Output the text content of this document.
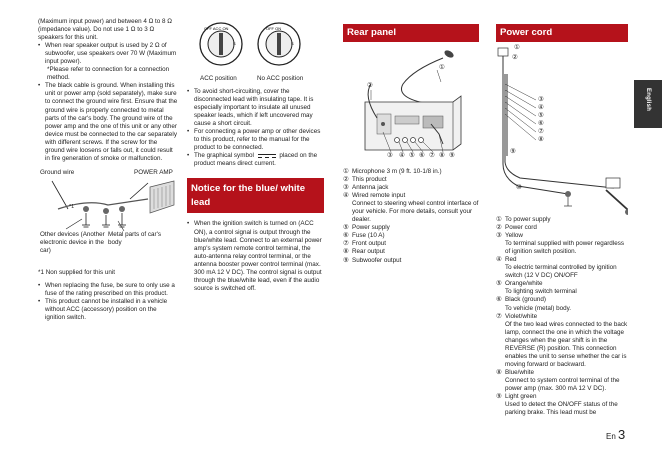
(Maximum input power) and between 4 Ω to 8 Ω (impedance value). Do not use 1 Ω to 3 Ω speakers for this unit.

• When rear speaker output is used by 2 Ω of subwoofer, use speakers over 70 W (Maximum input power).
*Please refer to connection for a connection method.
• The black cable is ground. When installing this unit or power amp (sold separately), make sure to connect the ground wire first. Ensure that the ground wire is properly connected to metal parts of the car's body. The ground wire of the power amp and the one of this unit or any other device must be connected to the car separately with different screws. If the screw for the ground wire loosens or falls out, it could result in fire generation of smoke or malfunction.
Ground wire	POWER AMP
*1
Other devices (Another electronic device in the car)
Metal parts of car's body

*1 Non supplied for this unit

• When replacing the fuse, be sure to only use a fuse of the rating prescribed on this product.
• This product cannot be installed in a vehicle without ACC (accessory) position on the ignition switch.
OFF ACC ON
S
OFF ON
S
ACC position	No ACC position
• To avoid short-circuiting, cover the disconnected lead with insulating tape. It is especially important to insulate all unused speaker leads, which if left uncovered may cause a short circuit.
• For connecting a power amp or other devices to this product, refer to the manual for the product to be connected.
• The graphical symbol	placed on the product means direct current.
Notice for the blue/ white lead
• When the ignition switch is turned on (ACC ON), a control signal is output through the blue/white lead. Connect to an external power amp's system remote control terminal, the auto-antenna relay control terminal, or the antenna booster power control terminal (max. 300 mA 12 V DC). The control signal is output through the blue/white lead, even if the audio source is switched off.
Rear panel
①
②
③ ④ ⑤ ⑥ ⑦ ⑧ ⑨
① Microphone 3 m (9 ft. 10-1/8 in.)
② This product
③ Antenna jack
④ Wired remote input
Connect to steering wheel control interface of your vehicle. For more details, consult your dealer.
⑤ Power supply
⑥ Fuse (10 A)
⑦ Front output
⑧ Rear output
⑨ Subwoofer output
Power cord
①
②
③
④
⑤
⑥
⑦
⑧
⑨
⑩
① To power supply
② Power cord
③ Yellow
To terminal supplied with power regardless of ignition switch position.
④ Red
To electric terminal controlled by ignition switch (12 V DC) ON/OFF
⑤ Orange/white
To lighting switch terminal
⑥ Black (ground)
To vehicle (metal) body.
⑦ Violet/white
Of the two lead wires connected to the back lamp, connect the one in which the voltage changes when the gear shift is in the REVERSE (R) position. This connection enables the unit to sense whether the car is moving forward or backward.
⑧ Blue/white
Connect to system control terminal of the power amp (max. 300 mA 12 V DC).
⑨ Light green
Used to detect the ON/OFF status of the parking brake. This lead must be
English
En 3
